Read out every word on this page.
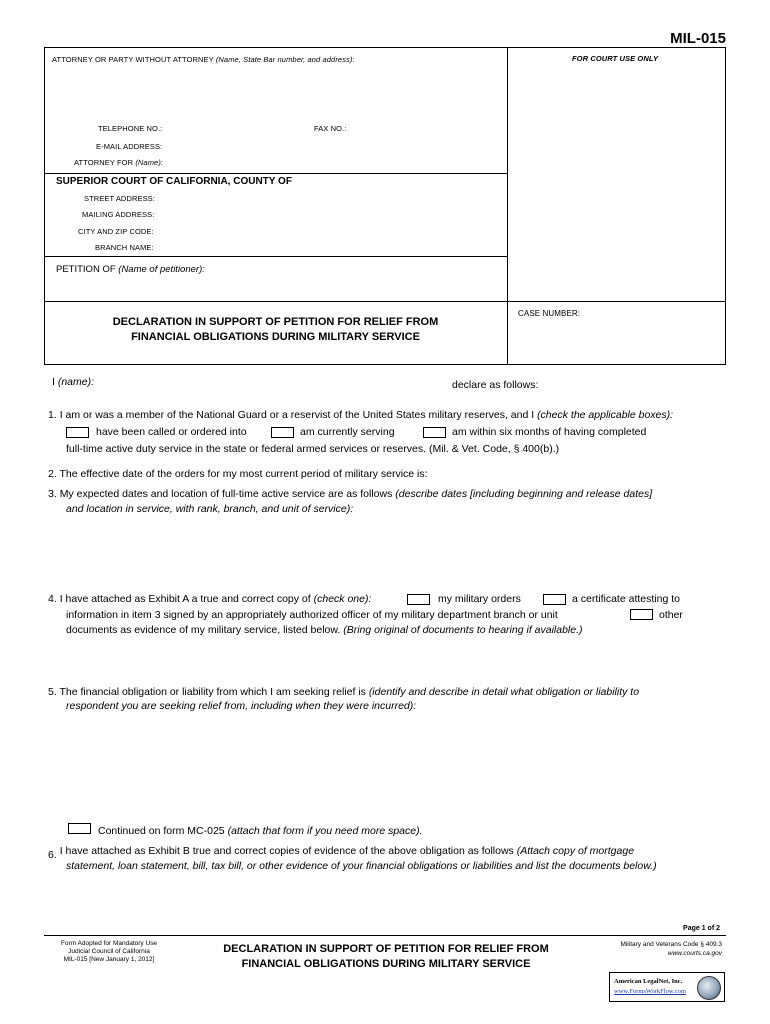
MIL-015
ATTORNEY OR PARTY WITHOUT ATTORNEY (Name, State Bar number, and address):	FOR COURT USE ONLY
TELEPHONE NO.:	FAX NO.:
E-MAIL ADDRESS:
ATTORNEY FOR (Name):
SUPERIOR COURT OF CALIFORNIA, COUNTY OF
STREET ADDRESS:
MAILING ADDRESS:
CITY AND ZIP CODE:
BRANCH NAME:
PETITION OF (Name of petitioner):
CASE NUMBER:
DECLARATION IN SUPPORT OF PETITION FOR RELIEF FROM
FINANCIAL OBLIGATIONS DURING MILITARY SERVICE
I (name):	declare as follows:
1. I am or was a member of the National Guard or a reservist of the United States military reserves, and I (check the applicable boxes):
have been called or ordered into	am currently serving	am within six months of having completed
full-time active duty service in the state or federal armed services or reserves. (Mil. & Vet. Code, § 400(b).)
2. The effective date of the orders for my most current period of military service is:
3. My expected dates and location of full-time active service are as follows (describe dates [including beginning and release dates]
and location in service, with rank, branch, and unit of service):
4. I have attached as Exhibit A a true and correct copy of (check one):	my military orders	a certificate attesting to
information in item 3 signed by an appropriately authorized officer of my military department branch or unit	other
documents as evidence of my military service, listed below. (Bring original of documents to hearing if available.)
5. The financial obligation or liability from which I am seeking relief is (identify and describe in detail what obligation or liability to
respondent you are seeking relief from, including when they were incurred):
Continued on form MC-025 (attach that form if you need more space).
6. I have attached as Exhibit B true and correct copies of evidence of the above obligation as follows (Attach copy of mortgage
statement, loan statement, bill, tax bill, or other evidence of your financial obligations or liabilities and list the documents below.)
Page 1 of 2
Form Adopted for Mandatory Use
Judicial Council of California
MIL-015 [New January 1, 2012]
DECLARATION IN SUPPORT OF PETITION FOR RELIEF FROM
FINANCIAL OBLIGATIONS DURING MILITARY SERVICE
Military and Veterans Code § 409.3
www.courts.ca.gov
American LegalNet, Inc.
www.FormsWorkFlow.com
